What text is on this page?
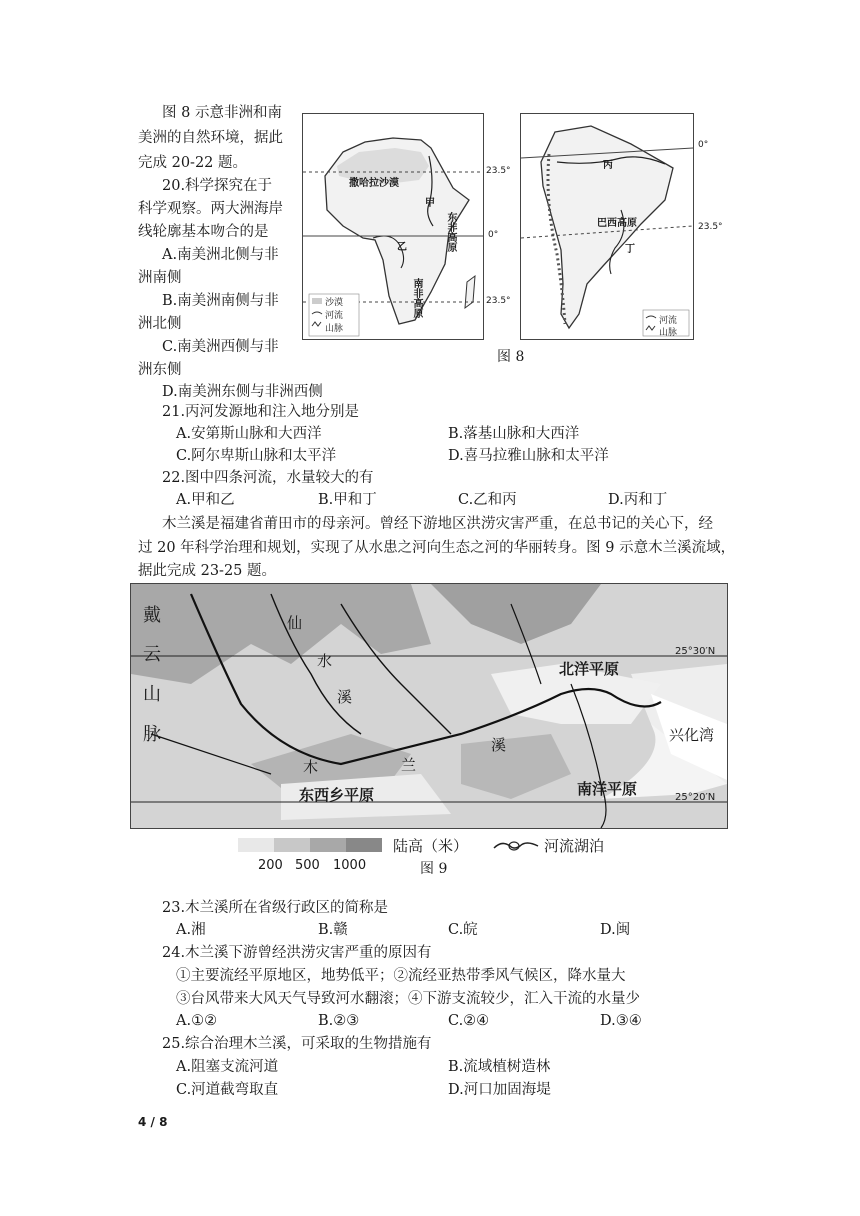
图 8 示意非洲和南
美洲的自然环境，据此
完成 20-22 题。
20.科学探究在于
科学观察。两大洲海岸
线轮廓基本吻合的是
A.南美洲北侧与非
洲南侧
B.南美洲南侧与非
洲北侧
C.南美洲西侧与非
洲东侧
D.南美洲东侧与非洲西侧
撒哈拉沙漠
甲
乙	东非高原
南非高原
沙漠
河流
山脉
23.5°
0°
23.5°
丙
巴西高原
丁
河流
山脉
0°
23.5°
图 8
21.丙河发源地和注入地分别是
A.安第斯山脉和大西洋	B.落基山脉和大西洋
C.阿尔卑斯山脉和太平洋	D.喜马拉雅山脉和太平洋
22.图中四条河流，水量较大的有
A.甲和乙	B.甲和丁	C.乙和丙	D.丙和丁
木兰溪是福建省莆田市的母亲河。曾经下游地区洪涝灾害严重，在总书记的关心下，经
过 20 年科学治理和规划，实现了从水患之河向生态之河的华丽转身。图 9 示意木兰溪流域，
据此完成 23-25 题。
戴
云
山
脉
仙
水
溪
木	兰
溪
北洋平原
南洋平原
东西乡平原
兴化湾
25°30′N
25°20′N
陆高（米）
200 500 1000
河流湖泊
图 9
23.木兰溪所在省级行政区的简称是
A.湘	B.赣	C.皖	D.闽
24.木兰溪下游曾经洪涝灾害严重的原因有
①主要流经平原地区，地势低平；②流经亚热带季风气候区，降水量大
③台风带来大风天气导致河水翻滚；④下游支流较少，汇入干流的水量少
A.①②	B.②③	C.②④	D.③④
25.综合治理木兰溪，可采取的生物措施有
A.阻塞支流河道	B.流域植树造林
C.河道截弯取直	D.河口加固海堤
4 / 8
